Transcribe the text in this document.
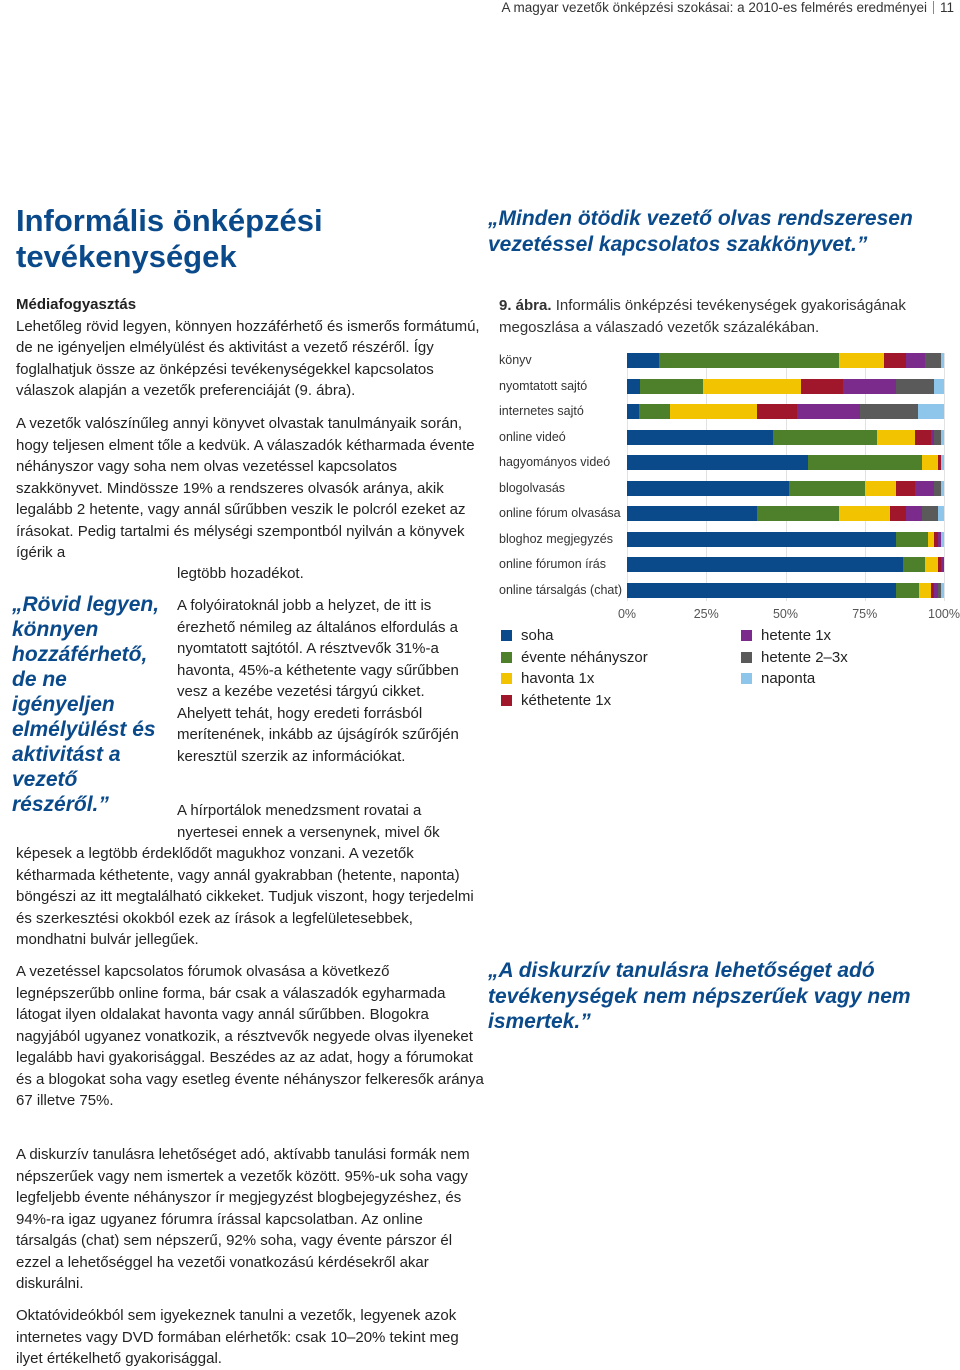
A magyar vezetők önképzési szokásai: a 2010-es felmérés eredményei 11
Informális önképzési
tevékenységek

Médiafogyasztás

Lehetőleg rövid legyen, könnyen hozzáférhető és ismerős formátumú, de ne igényeljen elmélyülést és aktivitást a vezető részéről. Így foglalhatjuk össze az önképzési tevékenységekkel kapcsolatos válaszok alapján a vezetők preferenciáját (9. ábra).

A vezetők valószínűleg annyi könyvet olvastak tanulmányaik során, hogy teljesen elment tőle a kedvük. A válaszadók kétharmada évente néhányszor vagy soha nem olvas vezetéssel kapcsolatos szakkönyvet. Mindössze 19% a rendszeres olvasók aránya, akik legalább 2 hetente, vagy annál sűrűbben veszik le polcról ezeket az írásokat. Pedig tartalmi és mélységi szempontból nyilván a könyvek ígérik a

legtöbb hozadékot.

„Rövid legyen, könnyen hozzáférhető, de ne igényeljen elmélyülést és aktivitást a vezető részéről.”

A folyóiratoknál jobb a helyzet, de itt is érezhető némileg az általános elfordulás a nyomtatott sajtótól. A résztvevők 31%-a havonta, 45%-a kéthetente vagy sűrűbben vesz a kezébe vezetési tárgyú cikket. Ahelyett tehát, hogy eredeti forrásból merítenének, inkább az újságírók szűrőjén keresztül szerzik az információkat.

A hírportálok menedzsment rovatai a nyertesei ennek a versenynek, mivel ők

képesek a legtöbb érdeklődőt magukhoz vonzani. A vezetők kétharmada kéthetente, vagy annál gyakrabban (hetente, naponta) böngészi az itt megtalálható cikkeket. Tudjuk viszont, hogy terjedelmi és szerkesztési okokból ezek az írások a legfelületesebbek, mondhatni bulvár jellegűek.

A vezetéssel kapcsolatos fórumok olvasása a következő legnépszerűbb online forma, bár csak a válaszadók egyharmada látogat ilyen oldalakat havonta vagy annál sűrűbben. Blogokra nagyjából ugyanez vonatkozik, a résztvevők negyede olvas ilyeneket legalább havi gyakorisággal. Beszédes az az adat, hogy a fórumokat és a blogokat soha vagy esetleg évente néhányszor felkeresők aránya 67 illetve 75%.

A diskurzív tanulásra lehetőséget adó, aktívabb tanulási formák nem népszerűek vagy nem ismertek a vezetők között. 95%-uk soha vagy legfeljebb évente néhányszor ír megjegyzést blogbejegyzéshez, és 94%-ra igaz ugyanez fórumra írással kapcsolatban. Az online társalgás (chat) sem népszerű, 92% soha, vagy évente párszor él ezzel a lehetőséggel ha vezetői vonatkozású kérdésekről akar diskurálni.

Oktatóvideókból sem igyekeznek tanulni a vezetők, legyenek azok internetes vagy DVD formában elérhetők: csak 10–20% tekint meg ilyet értékelhető gyakorisággal.

„Minden ötödik vezető olvas rendszeresen vezetéssel kapcsolatos szakkönyvet.”
„A diskurzív tanulásra lehetőséget adó tevékenységek nem népszerűek vagy nem ismertek.”
9. ábra. Informális önképzési tevékenységek gyakoriságának megoszlása a válaszadó vezetők százalékában.
könyv
nyomtatott sajtó
internetes sajtó
online videó
hagyományos videó
blogolvasás
online fórum olvasása
bloghoz megjegyzés
online fórumon írás
online társalgás (chat)
0%	25%	50%	75%	100%
soha
évente néhányszor
havonta 1x
kéthetente 1x
hetente 1x
hetente 2–3x
naponta
